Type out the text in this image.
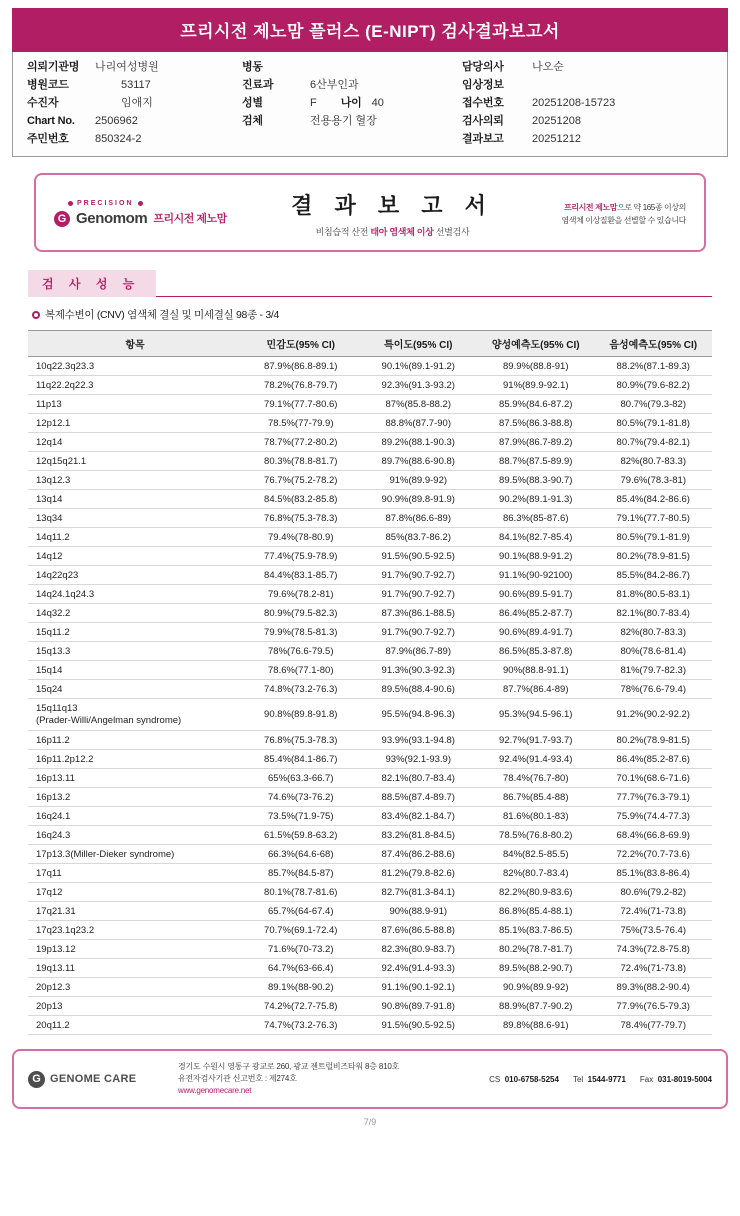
프리시전 제노맘 플러스 (E-NIPT) 검사결과보고서
의뢰기관명	나리여성병원
병원코드	53117
수진자	임애지
Chart No.	2506962
주민번호	850324-2
병동
진료과	6산부인과
성별	F 나이 40
검체	전용용기 혈장
담당의사	나오순
임상정보
접수번호	20251208-15723
검사의뢰	20251208
결과보고	20251212
PRECISION
G Genomom 프리시전 제노맘
결 과 보 고 서
비침습적 산전 태아 염색체 이상 선별검사
프리시전 제노맘으로 약 165종 이상의
염색체 이상질환을 선별할 수 있습니다
검 사 성 능
복제수변이 (CNV) 염색체 결실 및 미세결실 98종 - 3/4
항목	민감도(95% CI)	특이도(95% CI)	양성예측도(95% CI)	음성예측도(95% CI)
10q22.3q23.3	87.9%(86.8-89.1)	90.1%(89.1-91.2)	89.9%(88.8-91)	88.2%(87.1-89.3)
11q22.2q22.3	78.2%(76.8-79.7)	92.3%(91.3-93.2)	91%(89.9-92.1)	80.9%(79.6-82.2)
11p13	79.1%(77.7-80.6)	87%(85.8-88.2)	85.9%(84.6-87.2)	80.7%(79.3-82)
12p12.1	78.5%(77-79.9)	88.8%(87.7-90)	87.5%(86.3-88.8)	80.5%(79.1-81.8)
12q14	78.7%(77.2-80.2)	89.2%(88.1-90.3)	87.9%(86.7-89.2)	80.7%(79.4-82.1)
12q15q21.1	80.3%(78.8-81.7)	89.7%(88.6-90.8)	88.7%(87.5-89.9)	82%(80.7-83.3)
13q12.3	76.7%(75.2-78.2)	91%(89.9-92)	89.5%(88.3-90.7)	79.6%(78.3-81)
13q14	84.5%(83.2-85.8)	90.9%(89.8-91.9)	90.2%(89.1-91.3)	85.4%(84.2-86.6)
13q34	76.8%(75.3-78.3)	87.8%(86.6-89)	86.3%(85-87.6)	79.1%(77.7-80.5)
14q11.2	79.4%(78-80.9)	85%(83.7-86.2)	84.1%(82.7-85.4)	80.5%(79.1-81.9)
14q12	77.4%(75.9-78.9)	91.5%(90.5-92.5)	90.1%(88.9-91.2)	80.2%(78.9-81.5)
14q22q23	84.4%(83.1-85.7)	91.7%(90.7-92.7)	91.1%(90-92100)	85.5%(84.2-86.7)
14q24.1q24.3	79.6%(78.2-81)	91.7%(90.7-92.7)	90.6%(89.5-91.7)	81.8%(80.5-83.1)
14q32.2	80.9%(79.5-82.3)	87.3%(86.1-88.5)	86.4%(85.2-87.7)	82.1%(80.7-83.4)
15q11.2	79.9%(78.5-81.3)	91.7%(90.7-92.7)	90.6%(89.4-91.7)	82%(80.7-83.3)
15q13.3	78%(76.6-79.5)	87.9%(86.7-89)	86.5%(85.3-87.8)	80%(78.6-81.4)
15q14	78.6%(77.1-80)	91.3%(90.3-92.3)	90%(88.8-91.1)	81%(79.7-82.3)
15q24	74.8%(73.2-76.3)	89.5%(88.4-90.6)	87.7%(86.4-89)	78%(76.6-79.4)
15q11q13
(Prader-Willi/Angelman syndrome)	90.8%(89.8-91.8)	95.5%(94.8-96.3)	95.3%(94.5-96.1)	91.2%(90.2-92.2)
16p11.2	76.8%(75.3-78.3)	93.9%(93.1-94.8)	92.7%(91.7-93.7)	80.2%(78.9-81.5)
16p11.2p12.2	85.4%(84.1-86.7)	93%(92.1-93.9)	92.4%(91.4-93.4)	86.4%(85.2-87.6)
16p13.11	65%(63.3-66.7)	82.1%(80.7-83.4)	78.4%(76.7-80)	70.1%(68.6-71.6)
16p13.2	74.6%(73-76.2)	88.5%(87.4-89.7)	86.7%(85.4-88)	77.7%(76.3-79.1)
16q24.1	73.5%(71.9-75)	83.4%(82.1-84.7)	81.6%(80.1-83)	75.9%(74.4-77.3)
16q24.3	61.5%(59.8-63.2)	83.2%(81.8-84.5)	78.5%(76.8-80.2)	68.4%(66.8-69.9)
17p13.3(Miller-Dieker syndrome)	66.3%(64.6-68)	87.4%(86.2-88.6)	84%(82.5-85.5)	72.2%(70.7-73.6)
17q11	85.7%(84.5-87)	81.2%(79.8-82.6)	82%(80.7-83.4)	85.1%(83.8-86.4)
17q12	80.1%(78.7-81.6)	82.7%(81.3-84.1)	82.2%(80.9-83.6)	80.6%(79.2-82)
17q21.31	65.7%(64-67.4)	90%(88.9-91)	86.8%(85.4-88.1)	72.4%(71-73.8)
17q23.1q23.2	70.7%(69.1-72.4)	87.6%(86.5-88.8)	85.1%(83.7-86.5)	75%(73.5-76.4)
19p13.12	71.6%(70-73.2)	82.3%(80.9-83.7)	80.2%(78.7-81.7)	74.3%(72.8-75.8)
19q13.11	64.7%(63-66.4)	92.4%(91.4-93.3)	89.5%(88.2-90.7)	72.4%(71-73.8)
20p12.3	89.1%(88-90.2)	91.1%(90.1-92.1)	90.9%(89.9-92)	89.3%(88.2-90.4)
20p13	74.2%(72.7-75.8)	90.8%(89.7-91.8)	88.9%(87.7-90.2)	77.9%(76.5-79.3)
20q11.2	74.7%(73.2-76.3)	91.5%(90.5-92.5)	89.8%(88.6-91)	78.4%(77-79.7)
G GENOME CARE
경기도 수원시 영통구 광교로 260, 광교 젠트럴비즈타워 8층 810호
유전자검사기관 신고번호 : 제274호
www.genomecare.net
CS 010-6758-5254 Tel 1544-9771 Fax 031-8019-5004
7/9
